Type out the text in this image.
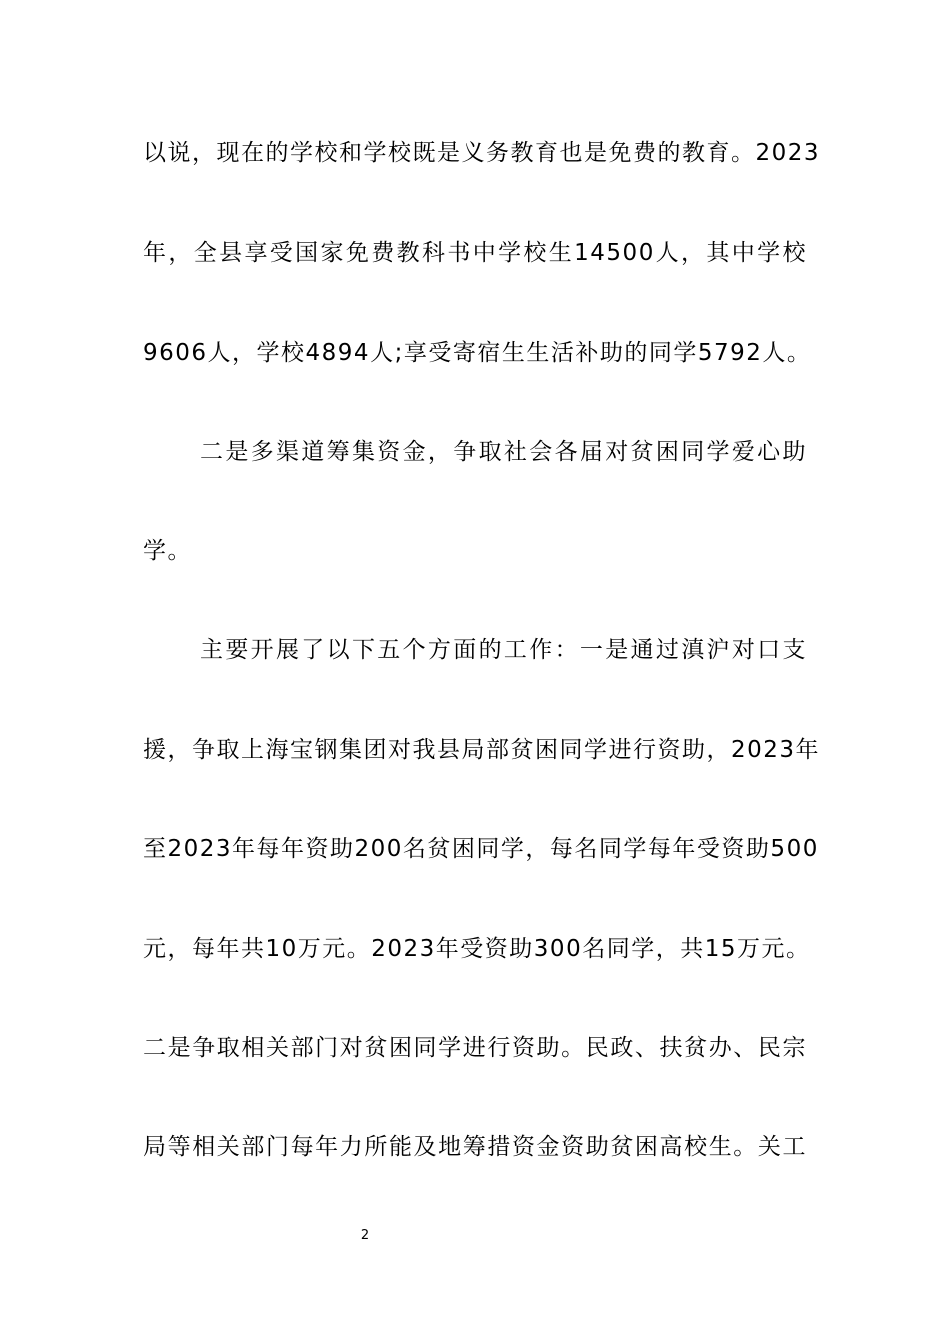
以说，现在的学校和学校既是义务教育也是免费的教育。2023
年，全县享受国家免费教科书中学校生14500人，其中学校
9606人，学校4894人;享受寄宿生生活补助的同学5792人。
二是多渠道筹集资金，争取社会各届对贫困同学爱心助
学。
主要开展了以下五个方面的工作：一是通过滇沪对口支
援，争取上海宝钢集团对我县局部贫困同学进行资助，2023年
至2023年每年资助200名贫困同学，每名同学每年受资助500
元，每年共10万元。2023年受资助300名同学，共15万元。
二是争取相关部门对贫困同学进行资助。民政、扶贫办、民宗
局等相关部门每年力所能及地筹措资金资助贫困高校生。关工
2
